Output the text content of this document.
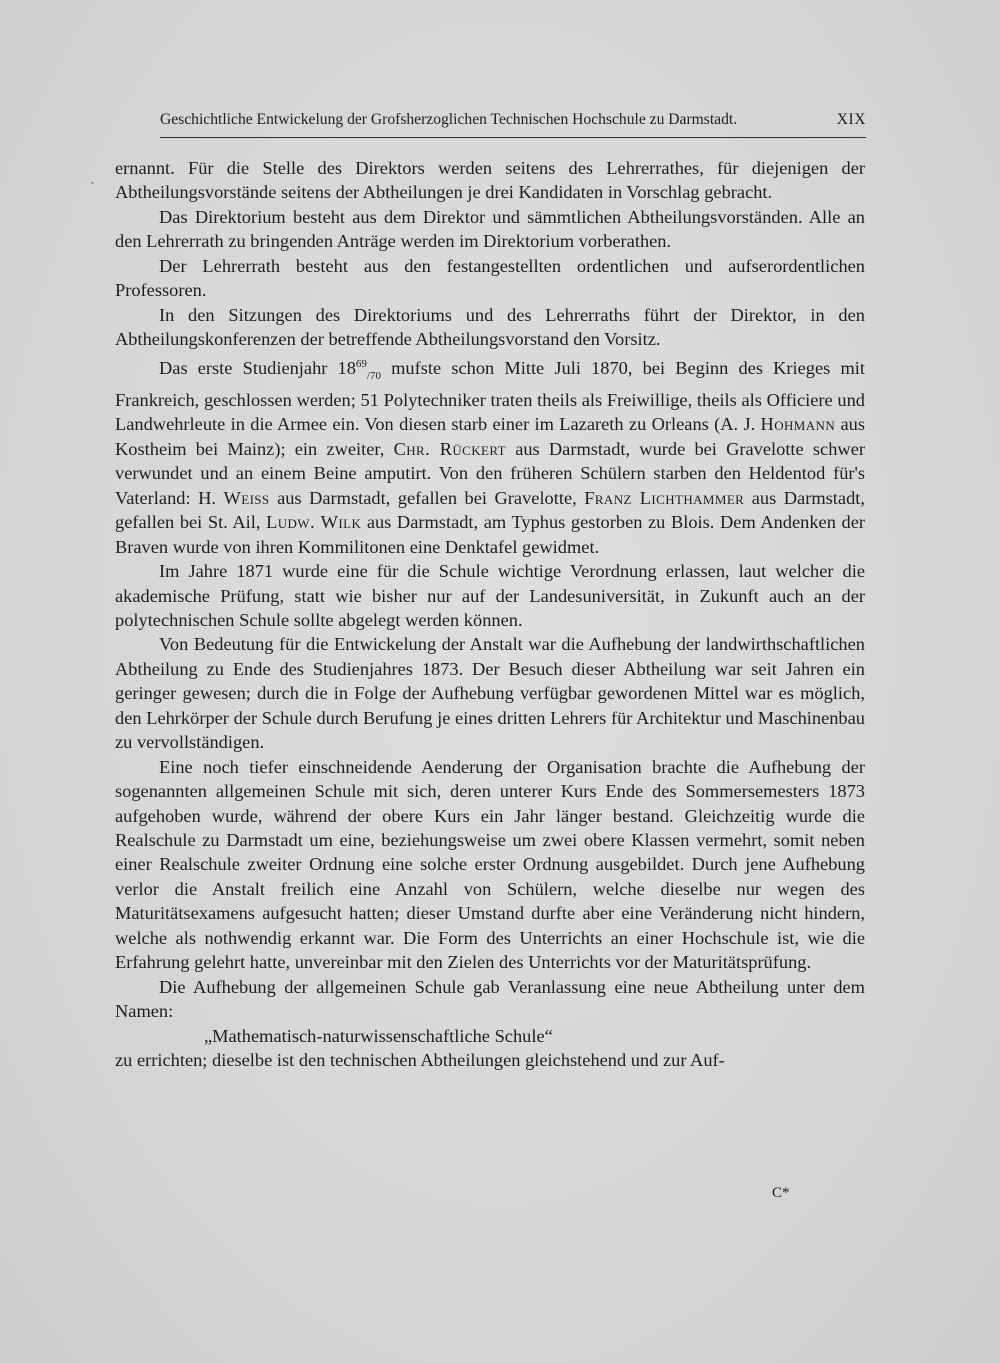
Geschichtliche Entwickelung der Grofsherzoglichen Technischen Hochschule zu Darmstadt.	XIX
ˎ ernannt. Für die Stelle des Direktors werden seitens des Lehrerrathes, für diejenigen der Abtheilungsvorstände seitens der Abtheilungen je drei Kandidaten in Vorschlag gebracht.

Das Direktorium besteht aus dem Direktor und sämmtlichen Abtheilungsvorständen. Alle an den Lehrerrath zu bringenden Anträge werden im Direktorium vorberathen.

Der Lehrerrath besteht aus den festangestellten ordentlichen und aufserordentlichen Professoren.

In den Sitzungen des Direktoriums und des Lehrerraths führt der Direktor, in den Abtheilungskonferenzen der betreffende Abtheilungsvorstand den Vorsitz.

Das erste Studienjahr $18^{69}_{/70}$ mufste schon Mitte Juli 1870, bei Beginn des Krieges mit Frankreich, geschlossen werden; 51 Polytechniker traten theils als Freiwillige, theils als Officiere und Landwehrleute in die Armee ein. Von diesen starb einer im Lazareth zu Orleans (A. J. Hohmann aus Kostheim bei Mainz); ein zweiter, Chr. Rückert aus Darmstadt, wurde bei Gravelotte schwer verwundet und an einem Beine amputirt. Von den früheren Schülern starben den Heldentod für's Vaterland: H. Weiss aus Darmstadt, gefallen bei Gravelotte, Franz Lichthammer aus Darmstadt, gefallen bei St. Ail, Ludw. Wilk aus Darmstadt, am Typhus gestorben zu Blois. Dem Andenken der Braven wurde von ihren Kommilitonen eine Denktafel gewidmet.

Im Jahre 1871 wurde eine für die Schule wichtige Verordnung erlassen, laut welcher die akademische Prüfung, statt wie bisher nur auf der Landesuniversität, in Zukunft auch an der polytechnischen Schule sollte abgelegt werden können.

Von Bedeutung für die Entwickelung der Anstalt war die Aufhebung der landwirthschaftlichen Abtheilung zu Ende des Studienjahres 1873. Der Besuch dieser Abtheilung war seit Jahren ein geringer gewesen; durch die in Folge der Aufhebung verfügbar gewordenen Mittel war es möglich, den Lehrkörper der Schule durch Berufung je eines dritten Lehrers für Architektur und Maschinenbau zu vervollständigen.

Eine noch tiefer einschneidende Aenderung der Organisation brachte die Aufhebung der sogenannten allgemeinen Schule mit sich, deren unterer Kurs Ende des Sommersemesters 1873 aufgehoben wurde, während der obere Kurs ein Jahr länger bestand. Gleichzeitig wurde die Realschule zu Darmstadt um eine, beziehungsweise um zwei obere Klassen vermehrt, somit neben einer Realschule zweiter Ordnung eine solche erster Ordnung ausgebildet. Durch jene Aufhebung verlor die Anstalt freilich eine Anzahl von Schülern, welche dieselbe nur wegen des Maturitätsexamens aufgesucht hatten; dieser Umstand durfte aber eine Veränderung nicht hindern, welche als nothwendig erkannt war. Die Form des Unterrichts an einer Hochschule ist, wie die Erfahrung gelehrt hatte, unvereinbar mit den Zielen des Unterrichts vor der Maturitätsprüfung.

Die Aufhebung der allgemeinen Schule gab Veranlassung eine neue Abtheilung unter dem Namen:
„Mathematisch-naturwissenschaftliche Schule“

zu errichten; dieselbe ist den technischen Abtheilungen gleichstehend und zur Auf-

C*
